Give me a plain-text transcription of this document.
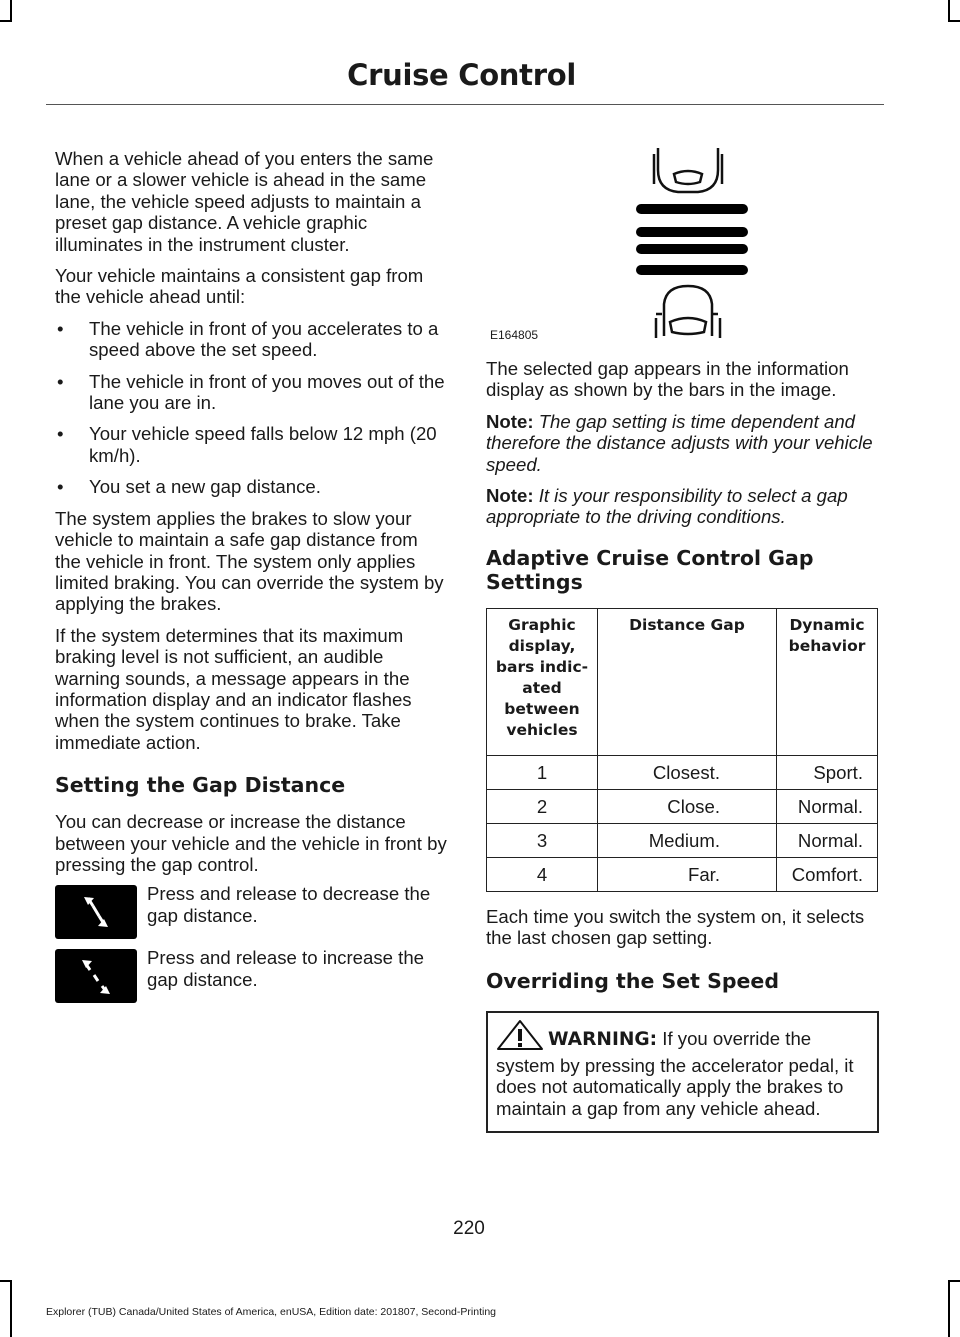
Cruise Control

When a vehicle ahead of you enters the same lane or a slower vehicle is ahead in the same lane, the vehicle speed adjusts to maintain a preset gap distance. A vehicle graphic illuminates in the instrument cluster.

Your vehicle maintains a consistent gap from the vehicle ahead until:

• The vehicle in front of you accelerates to a speed above the set speed.
• The vehicle in front of you moves out of the lane you are in.
• Your vehicle speed falls below 12 mph (20 km/h).
• You set a new gap distance.

The system applies the brakes to slow your vehicle to maintain a safe gap distance from the vehicle in front. The system only applies limited braking. You can override the system by applying the brakes.

If the system determines that its maximum braking level is not sufficient, an audible warning sounds, a message appears in the information display and an indicator flashes when the system continues to brake. Take immediate action.

Setting the Gap Distance

You can decrease or increase the distance between your vehicle and the vehicle in front by pressing the gap control.

Press and release to decrease the gap distance.
Press and release to increase the gap distance.
E164805

The selected gap appears in the information display as shown by the bars in the image.

Note: The gap setting is time dependent and therefore the distance adjusts with your vehicle speed.

Note: It is your responsibility to select a gap appropriate to the driving conditions.

Adaptive Cruise Control Gap Settings
Graphic display, bars indic-ated between vehicles	Distance Gap	Dynamic behavior
1	Closest.	Sport.
2	Close.	Normal.
3	Medium.	Normal.
4	Far.	Comfort.

Each time you switch the system on, it selects the last chosen gap setting.

Overriding the Set Speed
WARNING: If you override the system by pressing the accelerator pedal, it does not automatically apply the brakes to maintain a gap from any vehicle ahead.
220
Explorer (TUB) Canada/United States of America, enUSA, Edition date: 201807, Second-Printing
